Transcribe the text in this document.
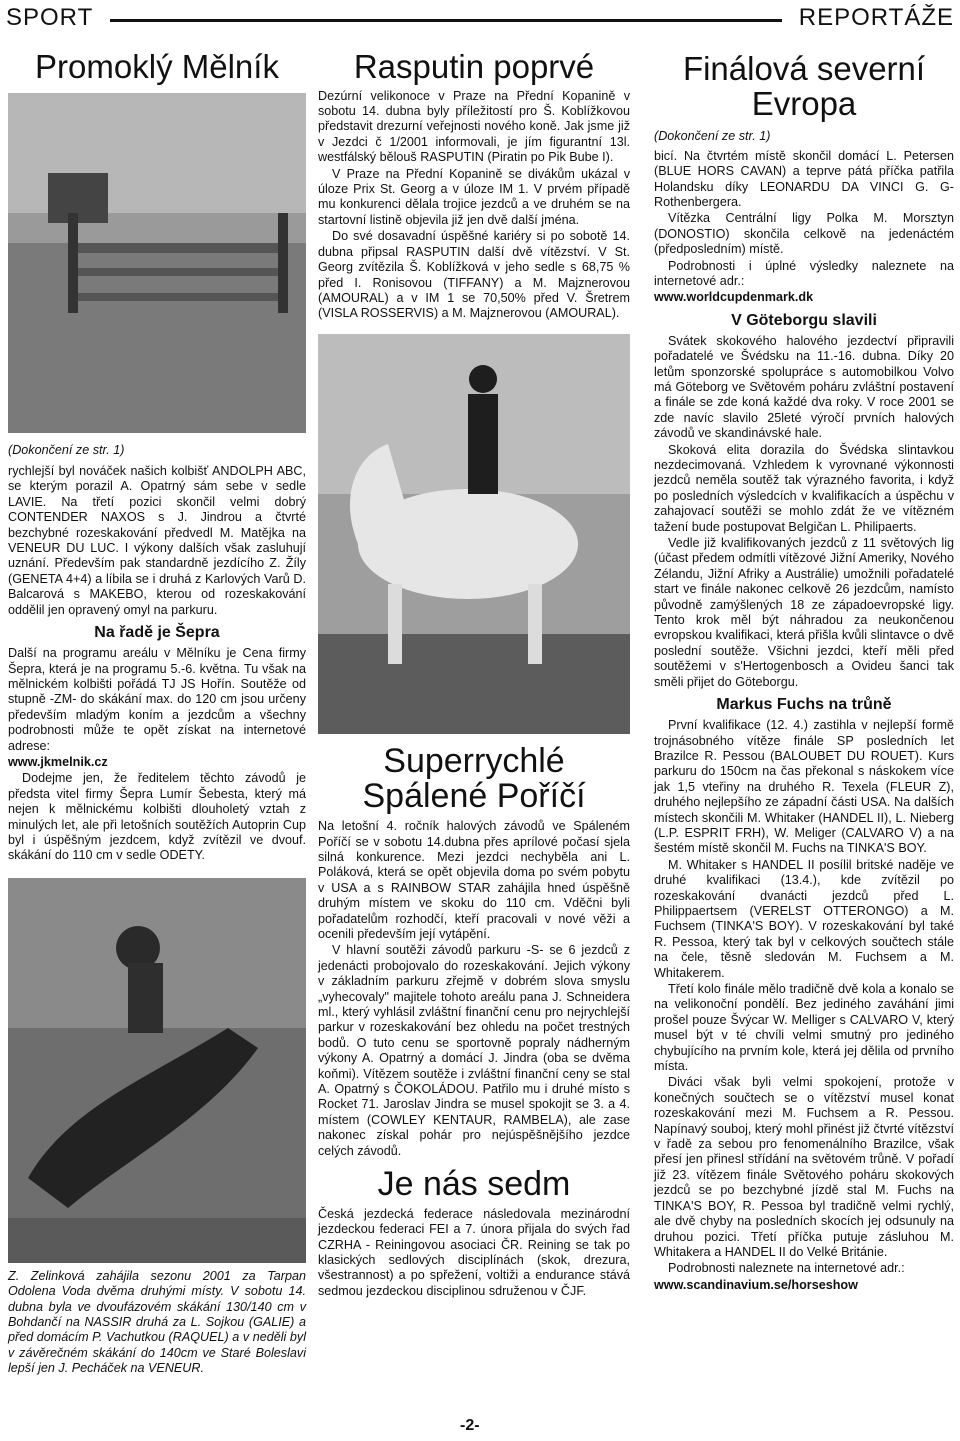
SPORT	REPORTÁŽE
Promoklý Mělník

(Dokončení ze str. 1)

rychlejší byl nováček našich kolbišť ANDOLPH ABC, se kterým porazil A. Opatrný sám sebe v sedle LAVIE. Na třetí pozici skončil velmi dobrý CONTENDER NAXOS s J. Jindrou a čtvrté bezchybné rozeskakování předvedl M. Matějka na VENEUR DU LUC. I výkony dalších však zasluhují uznání. Především pak standardně jezdícího Z. Žíly (GENETA 4+4) a líbila se i druhá z Karlových Varů D. Balcarová s MAKEBO, kterou od rozeskakování oddělil jen opravený omyl na parkuru.

Na řadě je Šepra

Další na programu areálu v Mělníku je Cena firmy Šepra, která je na programu 5.-6. května. Tu však na mělnickém kolbišti pořádá TJ JS Hořín. Soutěže od stupně -ZM- do skákání max. do 120 cm jsou určeny především mladým koním a jezdcům a všechny podrobnosti může te opět získat na internetové adrese:

www.jkmelnik.cz

Dodejme jen, že ředitelem těchto závodů je předsta vitel firmy Šepra Lumír Šebesta, který má nejen k mělnickému kolbišti dlouholetý vztah z minulých let, ale při letošních soutěžích Autoprin Cup byl i úspěšným jezdcem, když zvítězil ve dvouf. skákání do 110 cm v sedle ODETY.

Z. Zelinková zahájila sezonu 2001 za Tarpan Odolena Voda dvěma druhými místy. V sobotu 14. dubna byla ve dvoufázovém skákání 130/140 cm v Bohdančí na NASSIR druhá za L. Sojkou (GALIE) a před domácím P. Vachutkou (RAQUEL) a v neděli byl v závěrečném skákání do 140cm ve Staré Boleslavi lepší jen J. Pecháček na VENEUR.

Rasputin poprvé

Dezúrní velikonoce v Praze na Přední Kopanině v sobotu 14. dubna byly příležitostí pro Š. Koblížkovou představit drezurní veřejnosti nového koně. Jak jsme již v Jezdci č 1/2001 informovali, je jím figurantní 13l. westfálský bělouš RASPUTIN (Piratin po Pik Bube I).

V Praze na Přední Kopanině se divákům ukázal v úloze Prix St. Georg a v úloze IM 1. V prvém případě mu konkurenci dělala trojice jezdců a ve druhém se na startovní listině objevila již jen dvě další jména.

Do své dosavadní úspěšné kariéry si po sobotě 14. dubna připsal RASPUTIN další dvě vítězství. V St. Georg zvítězila Š. Koblížková v jeho sedle s 68,75 % před I. Ronisovou (TIFFANY) a M. Majznerovou (AMOURAL) a v IM 1 se 70,50% před V. Šretrem (VISLA ROSSERVIS) a M. Majznerovou (AMOURAL).

Superrychlé Spálené Poříčí

Na letošní 4. ročník halových závodů ve Spáleném Poříčí se v sobotu 14.dubna přes aprílové počasí sjela silná konkurence. Mezi jezdci nechyběla ani L. Poláková, která se opět objevila doma po svém pobytu v USA a s RAINBOW STAR zahájila hned úspěšně druhým místem ve skoku do 110 cm. Vděčni byli pořadatelům rozhodčí, kteří pracovali v nové věži a ocenili především její vytápění.

V hlavní soutěži závodů parkuru -S- se 6 jezdců z jedenácti probojovalo do rozeskakování. Jejich výkony v základním parkuru zřejmě v dobrém slova smyslu „vyhecovaly" majitele tohoto areálu pana J. Schneidera ml., který vyhlásil zvláštní finanční cenu pro nejrychlejší parkur v rozeskakování bez ohledu na počet trestných bodů. O tuto cenu se sportovně popraly nádherným výkony A. Opatrný a domácí J. Jindra (oba se dvěma koňmi). Vítězem soutěže i zvláštní finanční ceny se stal A. Opatrný s ČOKOLÁDOU. Patřilo mu i druhé místo s Rocket 71. Jaroslav Jindra se musel spokojit se 3. a 4. místem (COWLEY KENTAUR, RAMBELA), ale zase nakonec získal pohár pro nejúspěšnějšího jezdce celých závodů.

Je nás sedm

Česká jezdecká federace následovala mezinárodní jezdeckou federaci FEI a 7. února přijala do svých řad CZRHA - Reiningovou asociaci ČR. Reining se tak po klasických sedlových disciplínách (skok, drezura, všestrannost) a po spřežení, voltiži a endurance stává sedmou jezdeckou disciplinou sdruženou v ČJF.

Finálová severní Evropa

(Dokončení ze str. 1)

bicí. Na čtvrtém místě skončil domácí L. Petersen (BLUE HORS CAVAN) a teprve pátá příčka patřila Holandsku díky LEONARDU DA VINCI G. G-Rothenbergera.

Vítězka Centrální ligy Polka M. Morsztyn (DONOSTIO) skončila celkově na jedenáctém (předposledním) místě.

Podrobnosti i úplné výsledky naleznete na internetové adr.:

www.worldcupdenmark.dk

V Göteborgu slavili

Svátek skokového halového jezdectví připravili pořadatelé ve Švédsku na 11.-16. dubna. Díky 20 letům sponzorské spolupráce s automobilkou Volvo má Göteborg ve Světovém poháru zvláštní postavení a finále se zde koná každé dva roky. V roce 2001 se zde navíc slavilo 25leté výročí prvních halových závodů ve skandinávské hale.

Skoková elita dorazila do Švédska slintavkou nezdecimovaná. Vzhledem k vyrovnané výkonnosti jezdců neměla soutěž tak výrazného favorita, i když po posledních výsledcích v kvalifikacích a úspěchu v zahajovací soutěži se mohlo zdát že ve vítězném tažení bude postupovat Belgičan L. Philipaerts.

Vedle již kvalifikovaných jezdců z 11 světových lig (účast předem odmítli vítězové Jižní Ameriky, Nového Zélandu, Jižní Afriky a Austrálie) umožnili pořadatelé start ve finále nakonec celkově 26 jezdcům, namísto původně zamýšlených 18 ze západoevropské ligy. Tento krok měl být náhradou za neukončenou evropskou kvalifikaci, která přišla kvůli slintavce o dvě poslední soutěže. Všichni jezdci, kteří měli před soutěžemi v s'Hertogenbosch a Ovideu šanci tak směli přijet do Göteborgu.

Markus Fuchs na trůně

První kvalifikace (12. 4.) zastihla v nejlepší formě trojnásobného vítěze finále SP posledních let Brazilce R. Pessou (BALOUBET DU ROUET). Kurs parkuru do 150cm na čas překonal s náskokem více jak 1,5 vteřiny na druhého R. Texela (FLEUR Z), druhého nejlepšího ze západní části USA. Na dalších místech skončili M. Whitaker (HANDEL II), L. Nieberg (L.P. ESPRIT FRH), W. Meliger (CALVARO V) a na šestém místě skončil M. Fuchs na TINKA'S BOY.

M. Whitaker s HANDEL II posílil britské naděje ve druhé kvalifikaci (13.4.), kde zvítězil po rozeskakování dvanácti jezdců před L. Philippaertsem (VERELST OTTERONGO) a M. Fuchsem (TINKA'S BOY). V rozeskakování byl také R. Pessoa, který tak byl v celkových součtech stále na čele, těsně sledován M. Fuchsem a M. Whitakerem.

Třetí kolo finále mělo tradičně dvě kola a konalo se na velikonoční pondělí. Bez jediného zaváhání jimi prošel pouze Švýcar W. Melliger s CALVARO V, který musel být v té chvíli velmi smutný pro jediného chybujícího na prvním kole, která jej dělila od prvního místa.

Diváci však byli velmi spokojení, protože v konečných součtech se o vítězství musel konat rozeskakování mezi M. Fuchsem a R. Pessou. Napínavý souboj, který mohl přinést již čtvrté vítězství v řadě za sebou pro fenomenálního Brazilce, však přesí jen přinesl střídání na světovém trůně. V pořadí již 23. vítězem finále Světového poháru skokových jezdců se po bezchybné jízdě stal M. Fuchs na TINKA'S BOY, R. Pessoa byl tradičně velmi rychlý, ale dvě chyby na posledních skocích jej odsunuly na druhou pozici. Třetí příčka putuje zásluhou M. Whitakera a HANDEL II do Velké Británie.

Podrobnosti naleznete na internetové adr.:

www.scandinavium.se/horseshow

-2-
